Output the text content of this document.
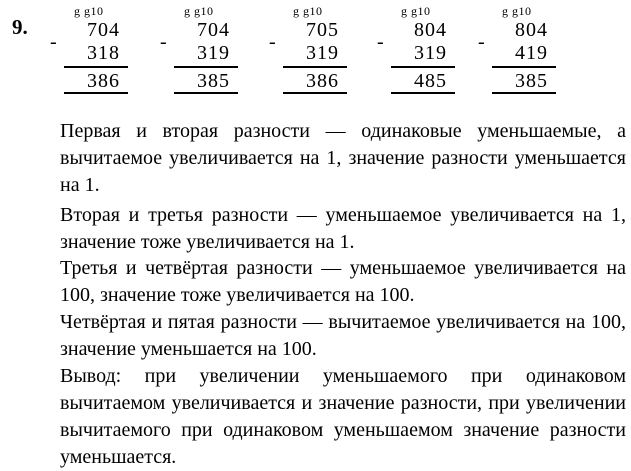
9.
g g10
704
- 318
386
g g10
704
- 319
385
g g10
705
- 319
386
g g10
804
- 319
485
g g10
804
- 419
385

Первая и вторая разности — одинаковые уменьшаемые, а вычитаемое увеличивается на 1, значение разности уменьшается на 1.

Вторая и третья разности — уменьшаемое увеличивается на 1, значение тоже увеличивается на 1.

Третья и четвёртая разности — уменьшаемое увеличивается на 100, значение тоже увеличивается на 100.

Четвёртая и пятая разности — вычитаемое увеличивается на 100, значение уменьшается на 100.

Вывод: при увеличении уменьшаемого при одинаковом вычитаемом увеличивается и значение разности, при увеличении вычитаемого при одинаковом уменьшаемом значение разности уменьшается.
